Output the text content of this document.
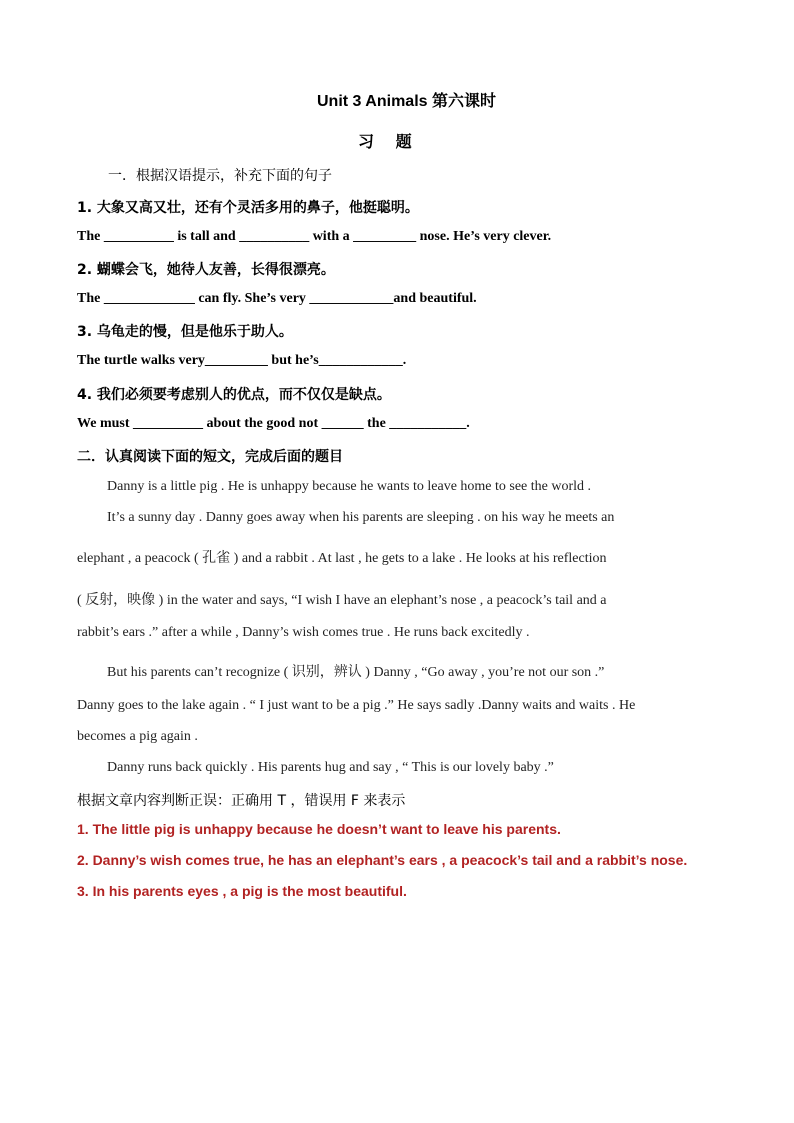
Unit 3 Animals 第六课时
习 题
一．根据汉语提示，补充下面的句子
1. 大象又高又壮，还有个灵活多用的鼻子，他挺聪明。
The __________ is tall and __________ with a _________ nose. He’s very clever.
2. 蝴蝶会飞，她待人友善，长得很漂亮。
The _____________ can fly. She’s very ____________and beautiful.
3. 乌龟走的慢，但是他乐于助人。
The turtle walks very_________ but he’s____________.
4. 我们必须要考虑别人的优点，而不仅仅是缺点。
We must __________ about the good not ______ the ___________.
二．认真阅读下面的短文，完成后面的题目
Danny is a little pig . He is unhappy because he wants to leave home to see the world .
It’s a sunny day . Danny goes away when his parents are sleeping . on his way he meets an
elephant , a peacock ( 孔雀 ) and a rabbit . At last , he gets to a lake . He looks at his reflection
( 反射，映像 ) in the water and says, “I wish I have an elephant’s nose , a peacock’s tail and a
rabbit’s ears .” after a while , Danny’s wish comes true . He runs back excitedly .
But his parents can’t recognize ( 识别，辨认 ) Danny , “Go away , you’re not our son .”
Danny goes to the lake again . “ I just want to be a pig .” He says sadly .Danny waits and waits . He
becomes a pig again .
Danny runs back quickly . His parents hug and say , “ This is our lovely baby .”
根据文章内容判断正误：正确用 T ，错误用 F 来表示
1. The little pig is unhappy because he doesn’t want to leave his parents.
2. Danny’s wish comes true, he has an elephant’s ears , a peacock’s tail and a rabbit’s nose.
3. In his parents eyes , a pig is the most beautiful.
